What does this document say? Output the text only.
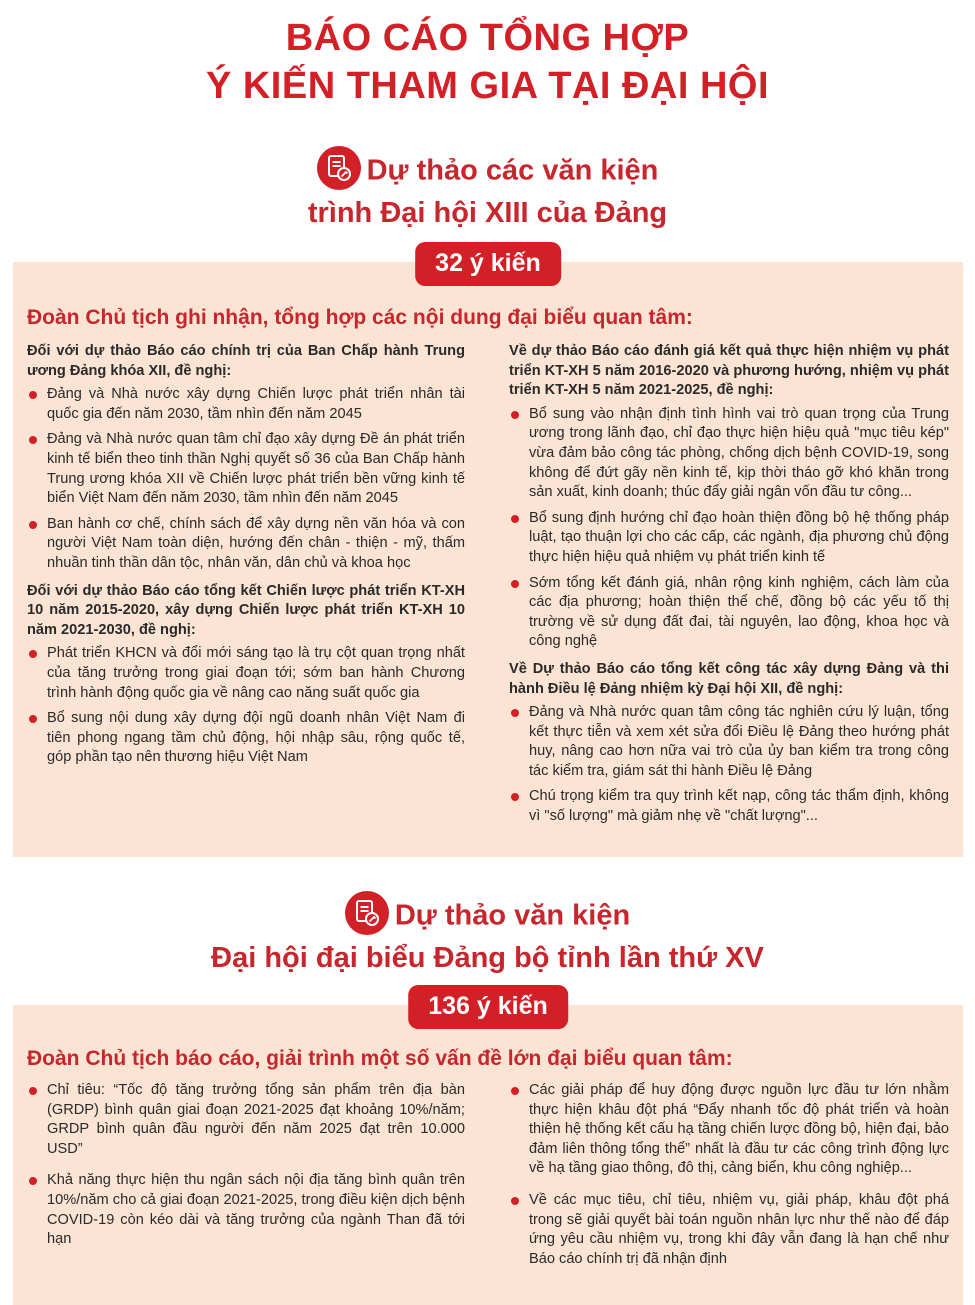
BÁO CÁO TỔNG HỢP
Ý KIẾN THAM GIA TẠI ĐẠI HỘI
Dự thảo các văn kiện
trình Đại hội XIII của Đảng
32 ý kiến
Đoàn Chủ tịch ghi nhận, tổng hợp các nội dung đại biểu quan tâm:
Đối với dự thảo Báo cáo chính trị của Ban Chấp hành Trung ương Đảng khóa XII, đề nghị:
Đảng và Nhà nước xây dựng Chiến lược phát triển nhân tài quốc gia đến năm 2030, tầm nhìn đến năm 2045
Đảng và Nhà nước quan tâm chỉ đạo xây dựng Đề án phát triển kinh tế biển theo tinh thần Nghị quyết số 36 của Ban Chấp hành Trung ương khóa XII về Chiến lược phát triển bền vững kinh tế biển Việt Nam đến năm 2030, tầm nhìn đến năm 2045
Ban hành cơ chế, chính sách để xây dựng nền văn hóa và con người Việt Nam toàn diện, hướng đến chân - thiện - mỹ, thấm nhuần tinh thần dân tộc, nhân văn, dân chủ và khoa học
Đối với dự thảo Báo cáo tổng kết Chiến lược phát triển KT-XH 10 năm 2015-2020, xây dựng Chiến lược phát triển KT-XH 10 năm 2021-2030, đề nghị:
Phát triển KHCN và đổi mới sáng tạo là trụ cột quan trọng nhất của tăng trưởng trong giai đoạn tới; sớm ban hành Chương trình hành động quốc gia về nâng cao năng suất quốc gia
Bổ sung nội dung xây dựng đội ngũ doanh nhân Việt Nam đi tiên phong ngang tầm chủ động, hội nhập sâu, rộng quốc tế, góp phần tạo nên thương hiệu Việt Nam
Về dự thảo Báo cáo đánh giá kết quả thực hiện nhiệm vụ phát triển KT-XH 5 năm 2016-2020 và phương hướng, nhiệm vụ phát triển KT-XH 5 năm 2021-2025, đề nghị:
Bổ sung vào nhận định tình hình vai trò quan trọng của Trung ương trong lãnh đạo, chỉ đạo thực hiện hiệu quả "mục tiêu kép" vừa đảm bảo công tác phòng, chống dịch bệnh COVID-19, song không để đứt gãy nền kinh tế, kịp thời tháo gỡ khó khăn trong sản xuất, kinh doanh; thúc đẩy giải ngân vốn đầu tư công...
Bổ sung định hướng chỉ đạo hoàn thiện đồng bộ hệ thống pháp luật, tạo thuận lợi cho các cấp, các ngành, địa phương chủ động thực hiện hiệu quả nhiệm vụ phát triển kinh tế
Sớm tổng kết đánh giá, nhân rộng kinh nghiệm, cách làm của các địa phương; hoàn thiện thể chế, đồng bộ các yếu tố thị trường về sử dụng đất đai, tài nguyên, lao động, khoa học và công nghệ
Về Dự thảo Báo cáo tổng kết công tác xây dựng Đảng và thi hành Điều lệ Đảng nhiệm kỳ Đại hội XII, đề nghị:
Đảng và Nhà nước quan tâm công tác nghiên cứu lý luận, tổng kết thực tiễn và xem xét sửa đổi Điều lệ Đảng theo hướng phát huy, nâng cao hơn nữa vai trò của ủy ban kiểm tra trong công tác kiểm tra, giám sát thi hành Điều lệ Đảng
Chú trọng kiểm tra quy trình kết nạp, công tác thẩm định, không vì "số lượng" mà giảm nhẹ về "chất lượng"...
Dự thảo văn kiện
Đại hội đại biểu Đảng bộ tỉnh lần thứ XV
136 ý kiến
Đoàn Chủ tịch báo cáo, giải trình một số vấn đề lớn đại biểu quan tâm:
Chỉ tiêu: “Tốc độ tăng trưởng tổng sản phẩm trên địa bàn (GRDP) bình quân giai đoạn 2021-2025 đạt khoảng 10%/năm; GRDP bình quân đầu người đến năm 2025 đạt trên 10.000 USD”
Khả năng thực hiện thu ngân sách nội địa tăng bình quân trên 10%/năm cho cả giai đoạn 2021-2025, trong điều kiện dịch bệnh COVID-19 còn kéo dài và tăng trưởng của ngành Than đã tới hạn
Các giải pháp để huy động được nguồn lực đầu tư lớn nhằm thực hiện khâu đột phá “Đẩy nhanh tốc độ phát triển và hoàn thiện hệ thống kết cấu hạ tầng chiến lược đồng bộ, hiện đại, bảo đảm liên thông tổng thể” nhất là đầu tư các công trình động lực về hạ tầng giao thông, đô thị, cảng biển, khu công nghiệp...
Về các mục tiêu, chỉ tiêu, nhiệm vụ, giải pháp, khâu đột phá trong sẽ giải quyết bài toán nguồn nhân lực như thế nào để đáp ứng yêu cầu nhiệm vụ, trong khi đây vẫn đang là hạn chế như Báo cáo chính trị đã nhận định
